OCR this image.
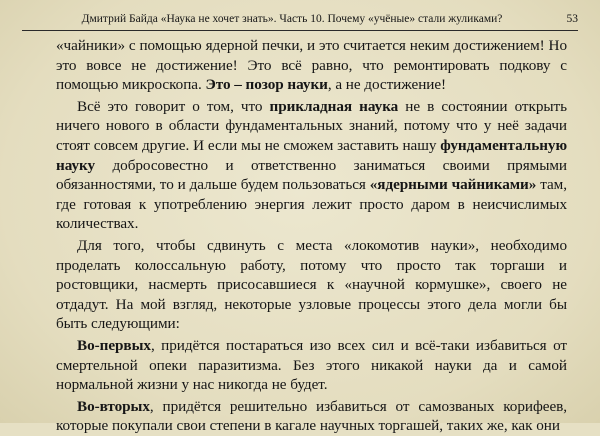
Дмитрий Байда «Наука не хочет знать». Часть 10. Почему «учёные» стали жуликами?	53

«чайники» с помощью ядерной печки, и это считается неким достижением! Но это вовсе не достижение! Это всё равно, что ремонтировать подкову с помощью микроскопа. Это – позор науки, а не достижение!

Всё это говорит о том, что прикладная наука не в состоянии открыть ничего нового в области фундаментальных знаний, потому что у неё задачи стоят совсем другие. И если мы не сможем заставить нашу фундаментальную науку добросовестно и ответственно заниматься своими прямыми обязанностями, то и дальше будем пользоваться «ядерными чайниками» там, где готовая к употреблению энергия лежит просто даром в неисчислимых количествах.

Для того, чтобы сдвинуть с места «локомотив науки», необходимо проделать колоссальную работу, потому что просто так торгаши и ростовщики, насмерть присосавшиеся к «научной кормушке», своего не отдадут. На мой взгляд, некоторые узловые процессы этого дела могли бы быть следующими:

Во-первых, придётся постараться изо всех сил и всё-таки избавиться от смертельной опеки паразитизма. Без этого никакой науки да и самой нормальной жизни у нас никогда не будет.

Во-вторых, придётся решительно избавиться от самозваных корифеев, которые покупали свои степени в кагале научных торгашей, таких же, как они
